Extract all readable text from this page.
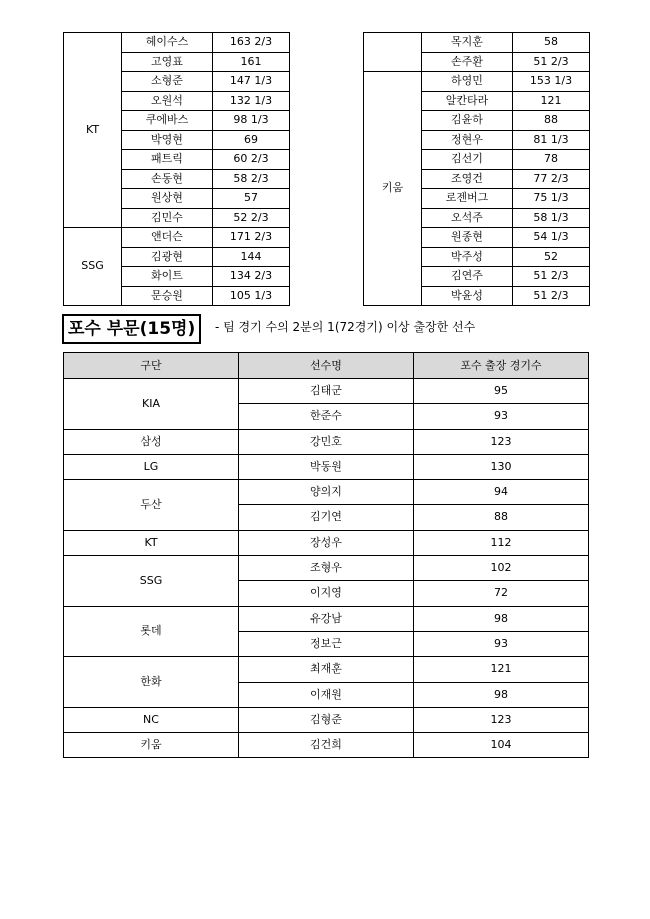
KT	헤이수스	163 2/3
	고영표	161
	소형준	147 1/3
	오원석	132 1/3
	쿠에바스	98 1/3
	박영현	69
	패트릭	60 2/3
	손동현	58 2/3
	원상현	57
	김민수	52 2/3
SSG	앤더슨	171 2/3
	김광현	144
	화이트	134 2/3
	문승원	105 1/3
	목지훈	58
	손주환	51 2/3
키움	하영민	153 1/3
	알칸타라	121
	김윤하	88
	정현우	81 1/3
	김선기	78
	조영건	77 2/3
	로젠버그	75 1/3
	오석주	58 1/3
	원종현	54 1/3
	박주성	52
	김연주	51 2/3
	박윤성	51 2/3
포수 부문(15명)	- 팀 경기 수의 2분의 1(72경기) 이상 출장한 선수
구단	선수명	포수 출장 경기수
KIA	김태군	95
	한준수	93
삼성	강민호	123
LG	박동원	130
두산	양의지	94
	김기연	88
KT	장성우	112
SSG	조형우	102
	이지영	72
롯데	유강남	98
	정보근	93
한화	최재훈	121
	이재원	98
NC	김형준	123
키움	김건희	104
